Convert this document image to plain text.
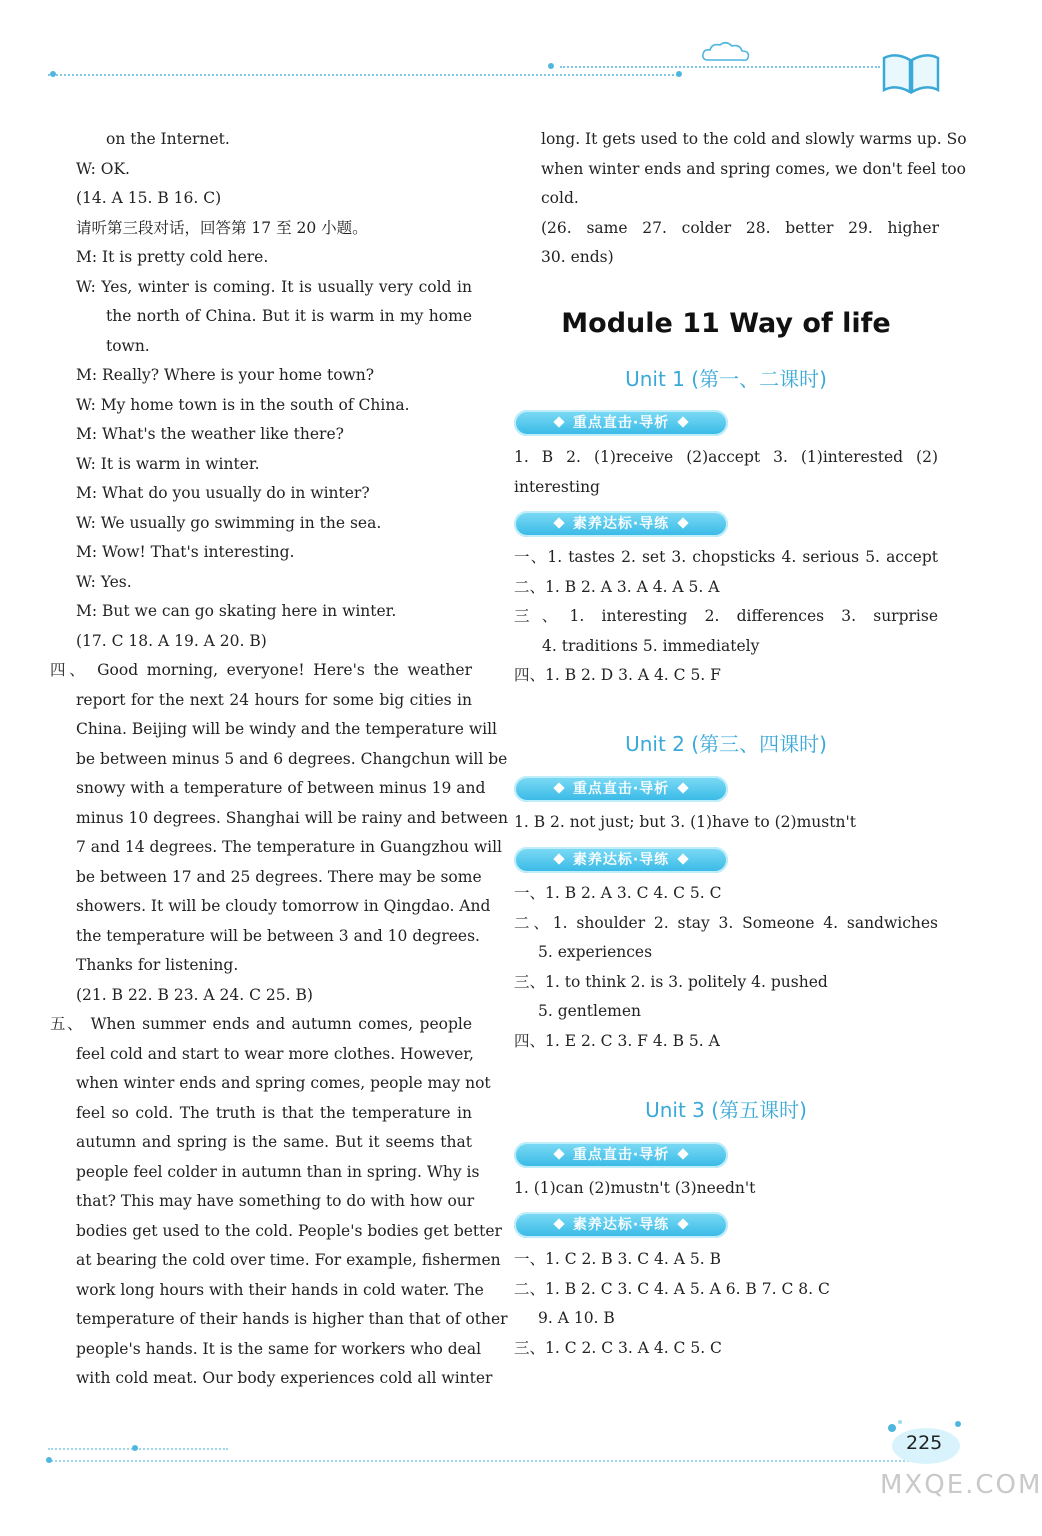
on the Internet.
W: OK.
(14. A 15. B 16. C)
请听第三段对话，回答第 17 至 20 小题。
M: It is pretty cold here.
W: Yes, winter is coming. It is usually very cold in
the north of China. But it is warm in my home
town.
M: Really? Where is your home town?
W: My home town is in the south of China.
M: What's the weather like there?
W: It is warm in winter.
M: What do you usually do in winter?
W: We usually go swimming in the sea.
M: Wow! That's interesting.
W: Yes.
M: But we can go skating here in winter.
(17. C 18. A 19. A 20. B)
四、 Good morning, everyone! Here's the weather
report for the next 24 hours for some big cities in
China. Beijing will be windy and the temperature will
be between minus 5 and 6 degrees. Changchun will be
snowy with a temperature of between minus 19 and
minus 10 degrees. Shanghai will be rainy and between
7 and 14 degrees. The temperature in Guangzhou will
be between 17 and 25 degrees. There may be some
showers. It will be cloudy tomorrow in Qingdao. And
the temperature will be between 3 and 10 degrees.
Thanks for listening.
(21. B 22. B 23. A 24. C 25. B)
五、 When summer ends and autumn comes, people
feel cold and start to wear more clothes. However,
when winter ends and spring comes, people may not
feel so cold. The truth is that the temperature in
autumn and spring is the same. But it seems that
people feel colder in autumn than in spring. Why is
that? This may have something to do with how our
bodies get used to the cold. People's bodies get better
at bearing the cold over time. For example, fishermen
work long hours with their hands in cold water. The
temperature of their hands is higher than that of other
people's hands. It is the same for workers who deal
with cold meat. Our body experiences cold all winter
long. It gets used to the cold and slowly warms up. So
when winter ends and spring comes, we don't feel too
cold.
(26. same 27. colder 28. better 29. higher
30. ends)
Module 11 Way of life
Unit 1 (第一、二课时)
重点直击·导析
1. B 2. (1)receive (2)accept 3. (1)interested (2)
interesting
素养达标·导练
一、1. tastes 2. set 3. chopsticks 4. serious 5. accept
二、1. B 2. A 3. A 4. A 5. A
三、1. interesting 2. differences 3. surprise
4. traditions 5. immediately
四、1. B 2. D 3. A 4. C 5. F
Unit 2 (第三、四课时)
重点直击·导析
1. B 2. not just; but 3. (1)have to (2)mustn't
素养达标·导练
一、1. B 2. A 3. C 4. C 5. C
二、1. shoulder 2. stay 3. Someone 4. sandwiches
5. experiences
三、1. to think 2. is 3. politely 4. pushed
5. gentlemen
四、1. E 2. C 3. F 4. B 5. A
Unit 3 (第五课时)
重点直击·导析
1. (1)can (2)mustn't (3)needn't
素养达标·导练
一、1. C 2. B 3. C 4. A 5. B
二、1. B 2. C 3. C 4. A 5. A 6. B 7. C 8. C
9. A 10. B
三、1. C 2. C 3. A 4. C 5. C
225
MXQE.COM
